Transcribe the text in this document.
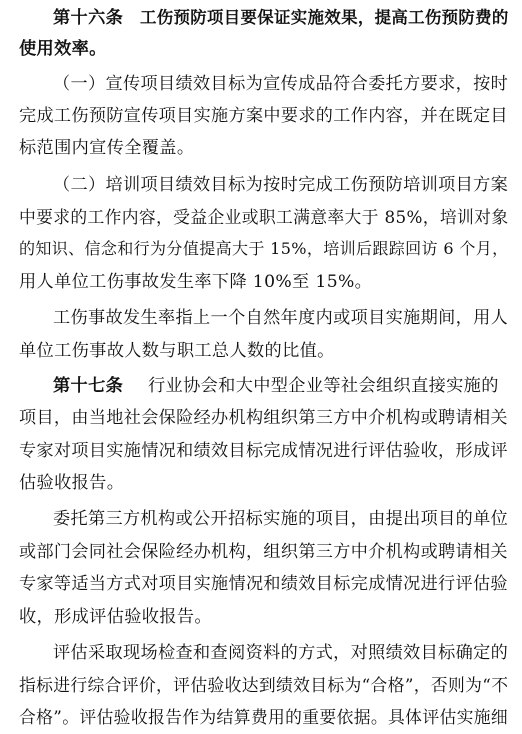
第十六条 工伤预防项目要保证实施效果，提高工伤预防费的
使用效率。
（一）宣传项目绩效目标为宣传成品符合委托方要求，按时
完成工伤预防宣传项目实施方案中要求的工作内容，并在既定目
标范围内宣传全覆盖。
（二）培训项目绩效目标为按时完成工伤预防培训项目方案
中要求的工作内容，受益企业或职工满意率大于 85%，培训对象
的知识、信念和行为分值提高大于 15%，培训后跟踪回访 6 个月，
用人单位工伤事故发生率下降 10%至 15%。
工伤事故发生率指上一个自然年度内或项目实施期间，用人
单位工伤事故人数与职工总人数的比值。
第十七条 行业协会和大中型企业等社会组织直接实施的
项目，由当地社会保险经办机构组织第三方中介机构或聘请相关
专家对项目实施情况和绩效目标完成情况进行评估验收，形成评
估验收报告。
委托第三方机构或公开招标实施的项目，由提出项目的单位
或部门会同社会保险经办机构，组织第三方中介机构或聘请相关
专家等适当方式对项目实施情况和绩效目标完成情况进行评估验
收，形成评估验收报告。
评估采取现场检查和查阅资料的方式，对照绩效目标确定的
指标进行综合评价，评估验收达到绩效目标为“合格”，否则为“不
合格”。评估验收报告作为结算费用的重要依据。具体评估实施细
